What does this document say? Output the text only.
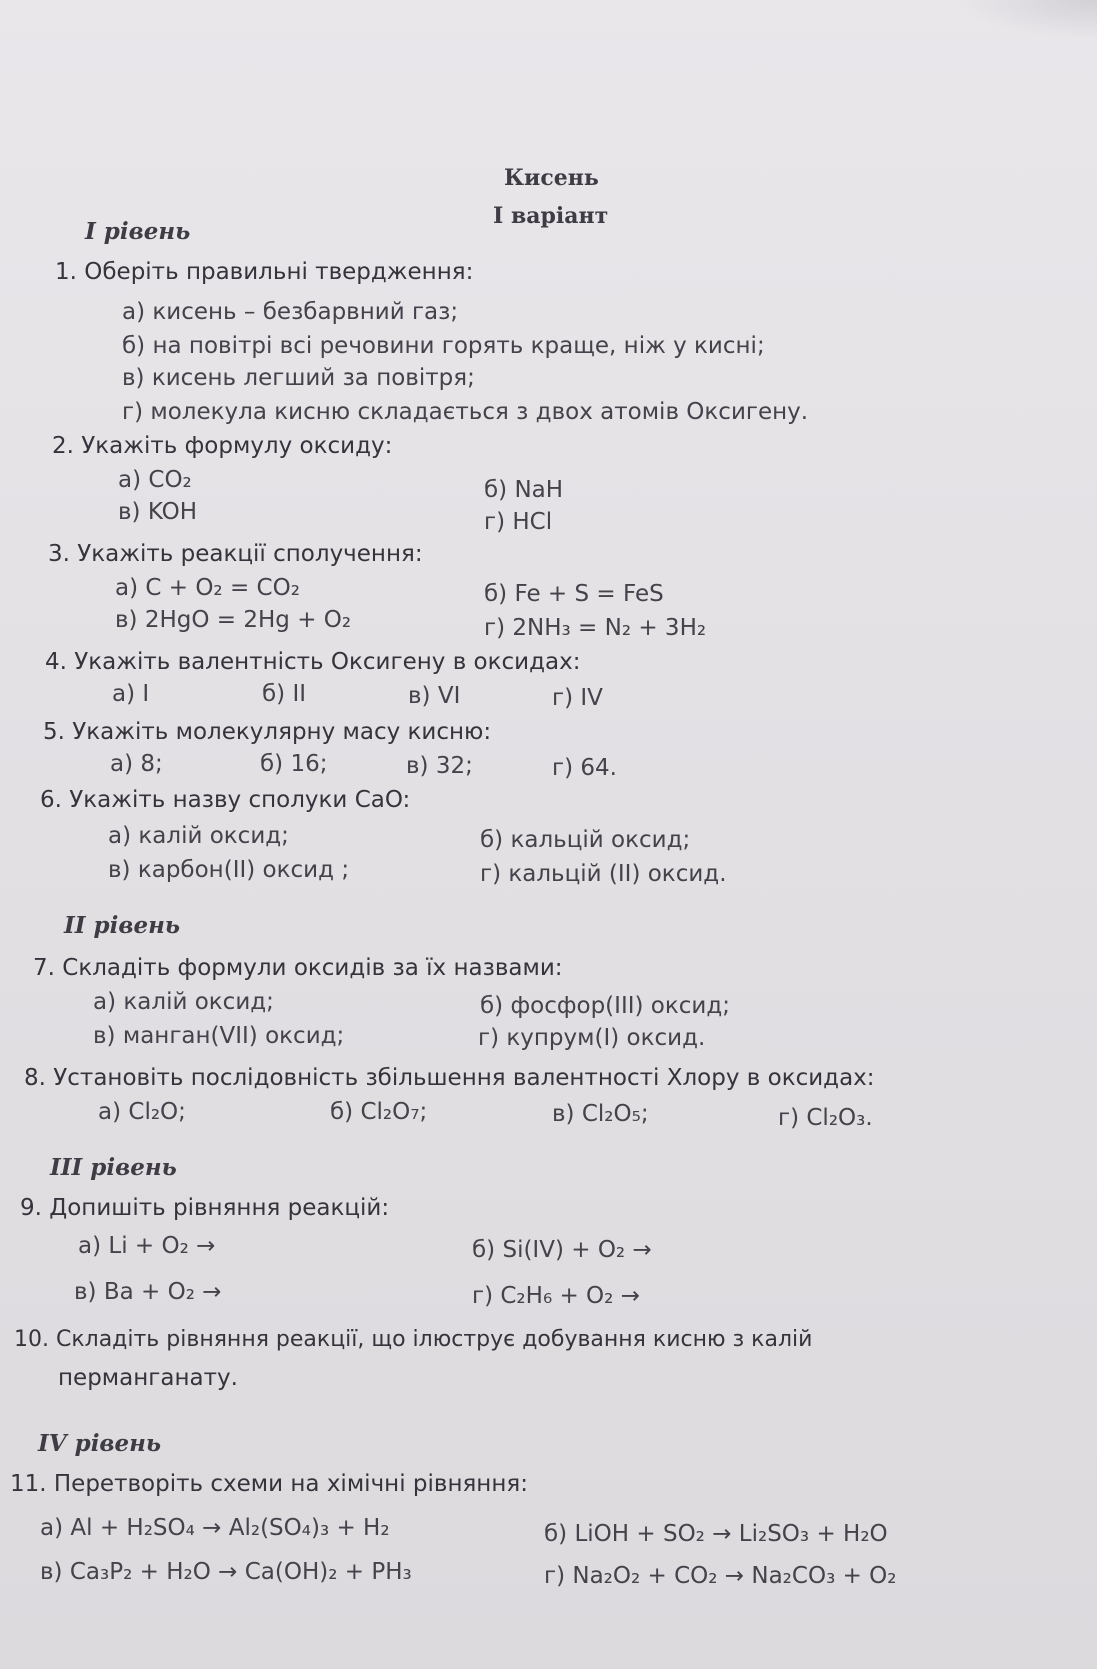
Кисень
I варіант
I рівень
1. Оберіть правильні твердження:
а) кисень – безбарвний газ;
б) на повітрі всі речовини горять краще, ніж у кисні;
в) кисень легший за повітря;
г) молекула кисню складається з двох атомів Оксигену.
2. Укажіть формулу оксиду:
а) CO₂	б) NaH
в) KOH	г) HCl
3. Укажіть реакції сполучення:
а) C + O₂ = CO₂	б) Fe + S = FeS
в) 2HgO = 2Hg + O₂	г) 2NH₃ = N₂ + 3H₂
4. Укажіть валентність Оксигену в оксидах:
а) I	б) II	в) VI	г) IV
5. Укажіть молекулярну масу кисню:
а) 8;	б) 16;	в) 32;	г) 64.
6. Укажіть назву сполуки CaO:
а) калій оксид;	б) кальцій оксид;
в) карбон(II) оксид ;	г) кальцій (II) оксид.
II рівень
7. Складіть формули оксидів за їх назвами:
а) калій оксид;	б) фосфор(III) оксид;
в) манган(VII) оксид;	г) купрум(I) оксид.
8. Установіть послідовність збільшення валентності Хлору в оксидах:
а) Cl₂O;	б) Cl₂O₇;	в) Cl₂O₅;	г) Cl₂O₃.
III рівень
9. Допишіть рівняння реакцій:
а) Li + O₂ →	б) Si(IV) + O₂ →
в) Ba + O₂ →	г) C₂H₆ + O₂ →
10. Складіть рівняння реакції, що ілюструє добування кисню з калій
перманганату.
IV рівень
11. Перетворіть схеми на хімічні рівняння:
а) Al + H₂SO₄ → Al₂(SO₄)₃ + H₂	б) LiOH + SO₂ → Li₂SO₃ + H₂O
в) Ca₃P₂ + H₂O → Ca(OH)₂ + PH₃	г) Na₂O₂ + CO₂ → Na₂CO₃ + O₂
